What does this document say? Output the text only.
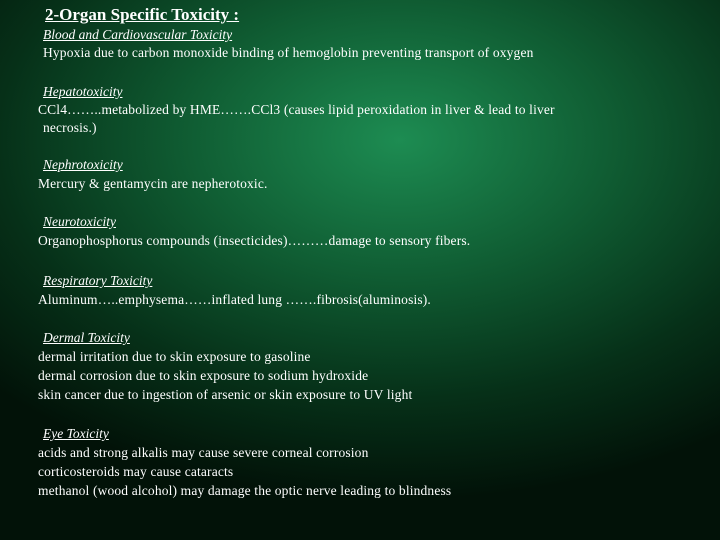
2-Organ Specific Toxicity :
Blood and Cardiovascular Toxicity
Hypoxia due to carbon monoxide binding of hemoglobin preventing transport of oxygen
Hepatotoxicity
CCl4……..metabolized by HME…….CCl3 (causes lipid peroxidation in liver & lead to liver
necrosis.)
Nephrotoxicity
Mercury & gentamycin are nepherotoxic.
Neurotoxicity
Organophosphorus compounds (insecticides)………damage to sensory fibers.
Respiratory Toxicity
Aluminum…..emphysema……inflated lung …….fibrosis(aluminosis).
Dermal Toxicity
dermal irritation due to skin exposure to gasoline
dermal corrosion due to skin exposure to sodium hydroxide
skin cancer due to ingestion of arsenic or skin exposure to UV light
Eye Toxicity
acids and strong alkalis may cause severe corneal corrosion
corticosteroids may cause cataracts
methanol (wood alcohol) may damage the optic nerve leading to blindness
